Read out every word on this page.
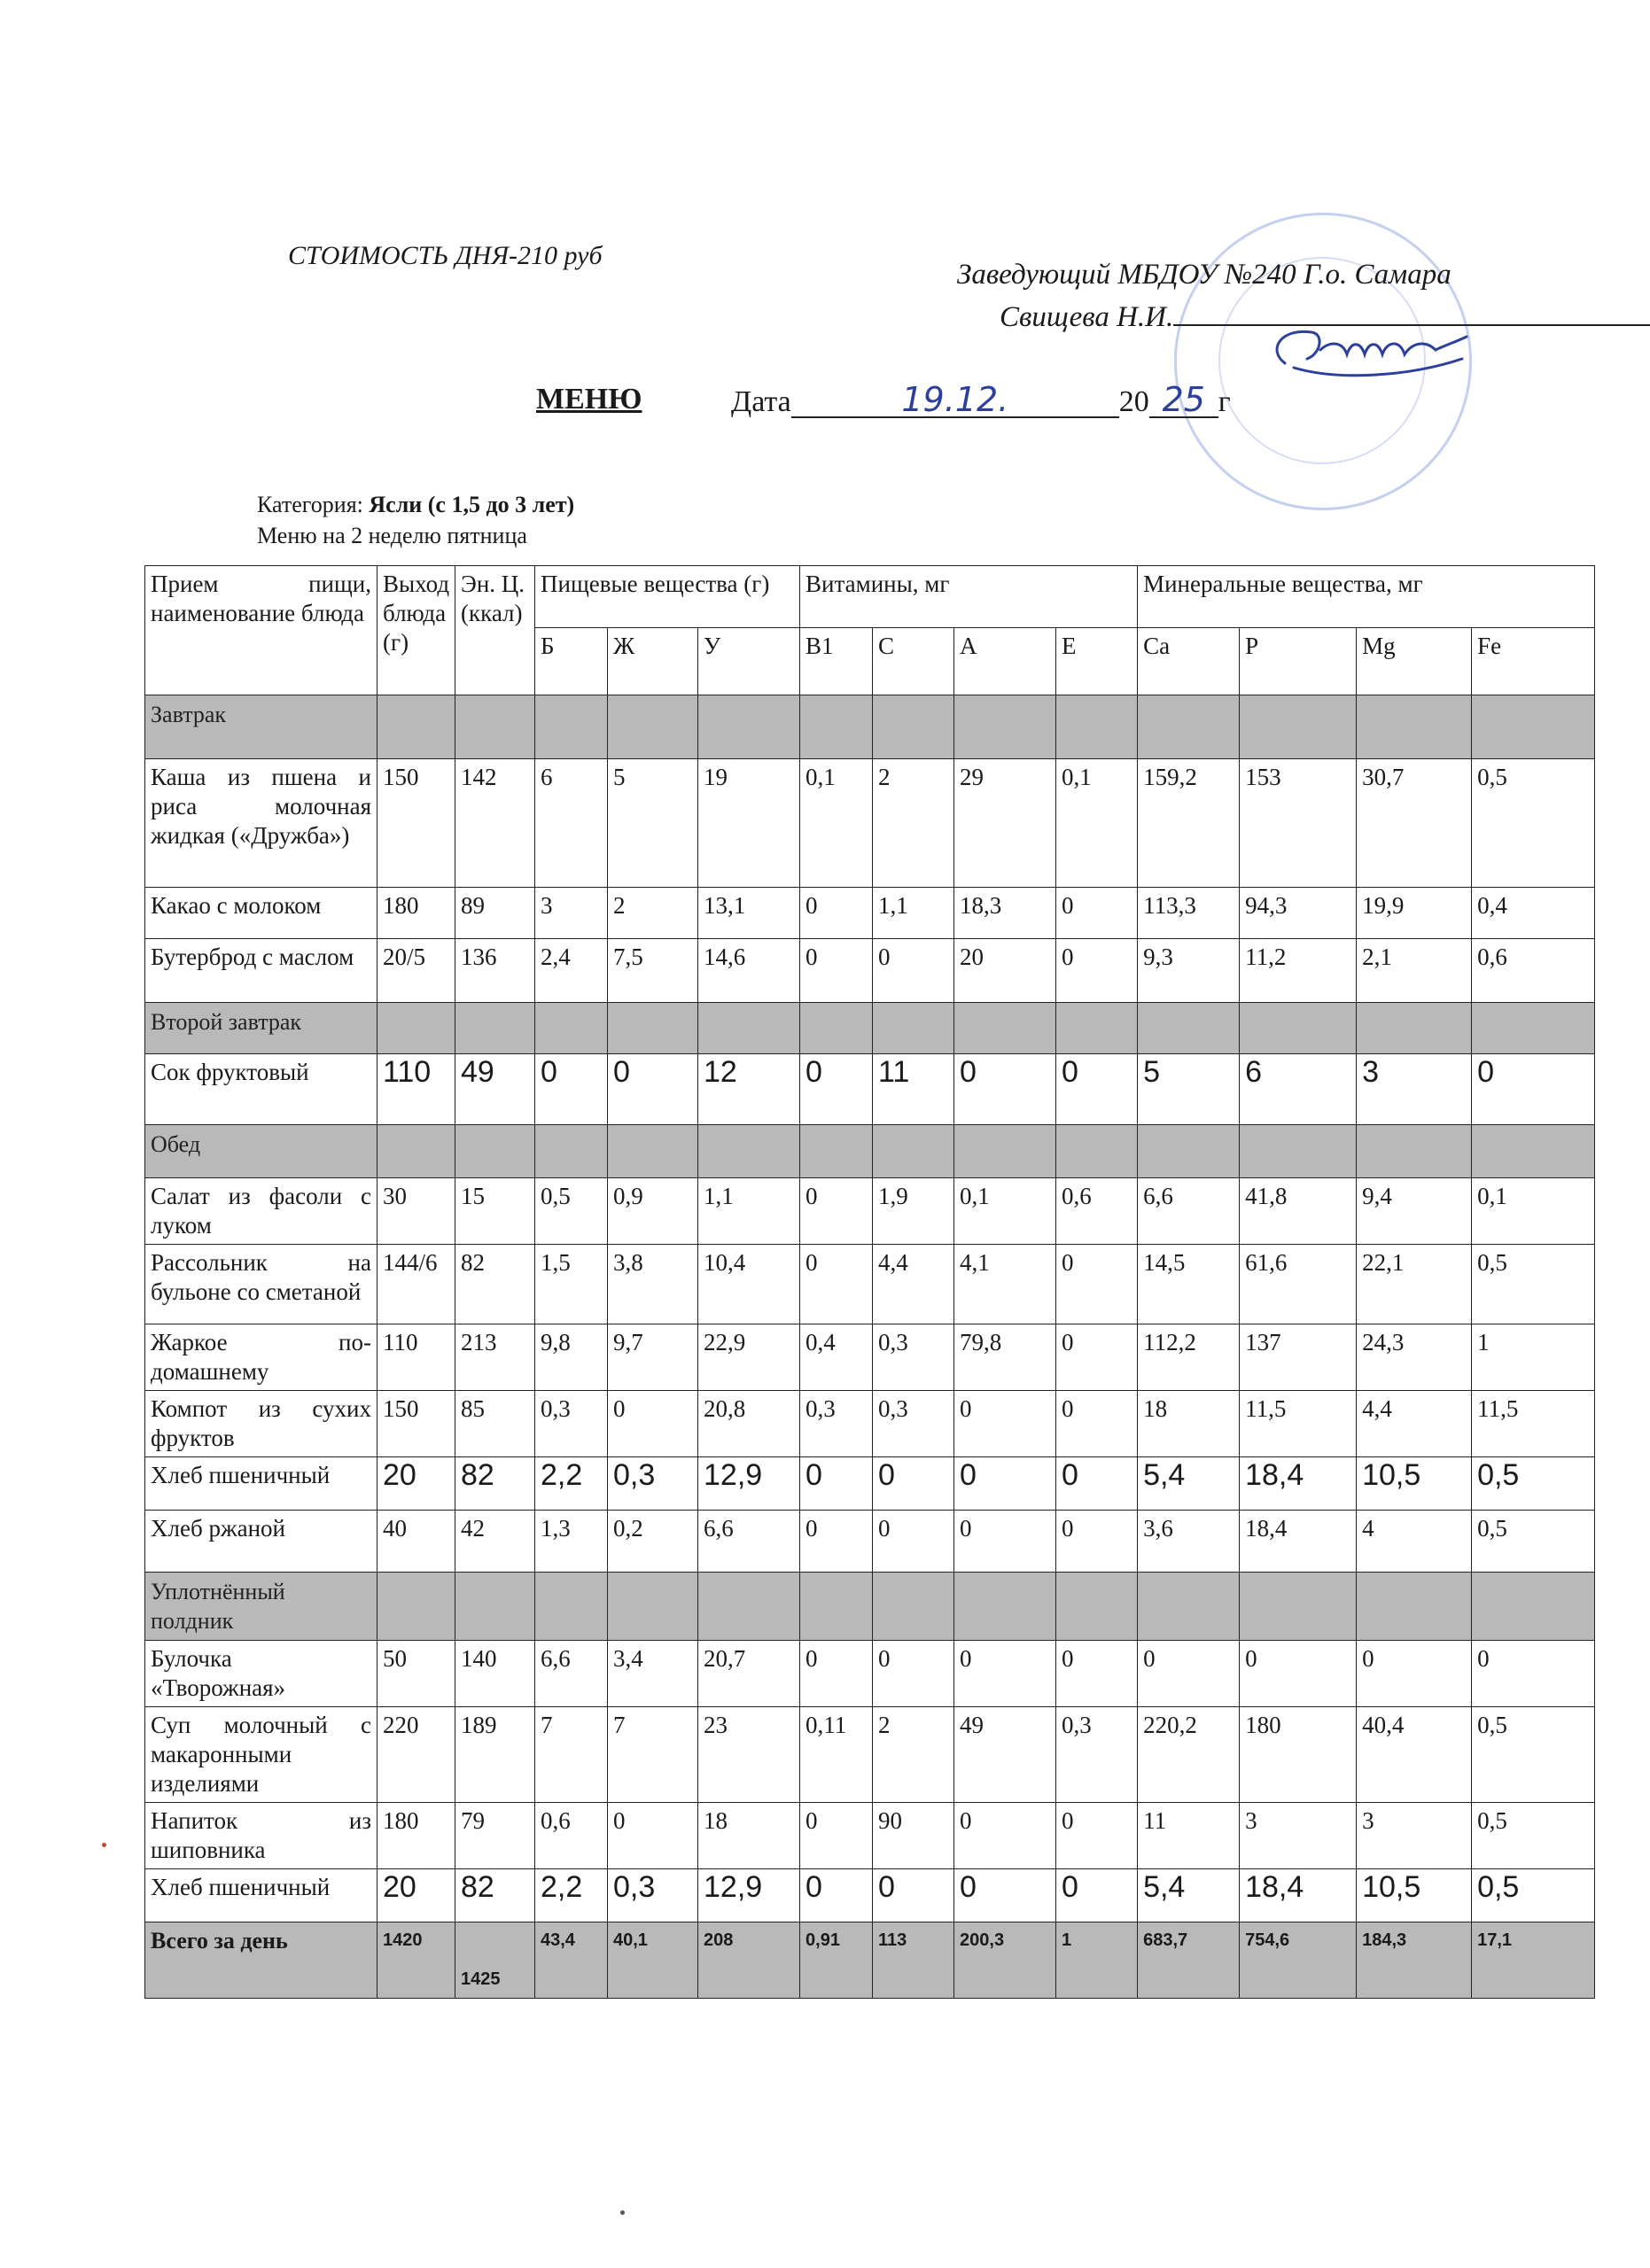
СТОИМОСТЬ ДНЯ-210 руб
Заведующий МБДОУ №240 Г.о. Самара
Свищева Н.И.
МЕНЮ	Дата	19.12.	20 25 г
Категория: Ясли (с 1,5 до 3 лет)
Меню на 2 неделю пятница
Прием пищи, наименование блюда	Выход блюда (г)	Эн. Ц. (ккал)	Пищевые вещества (г)			Витамины, мг				Минеральные вещества, мг			
			Б	Ж	У	B1	С	А	Е	Ca	P	Mg	Fe
Завтрак													
Каша из пшена и риса молочная жидкая («Дружба»)	150	142	6	5	19	0,1	2	29	0,1	159,2	153	30,7	0,5
Какао с молоком	180	89	3	2	13,1	0	1,1	18,3	0	113,3	94,3	19,9	0,4
Бутерброд с маслом	20/5	136	2,4	7,5	14,6	0	0	20	0	9,3	11,2	2,1	0,6
Второй завтрак													
Сок фруктовый	110	49	0	0	12	0	11	0	0	5	6	3	0
Обед													
Салат из фасоли с луком	30	15	0,5	0,9	1,1	0	1,9	0,1	0,6	6,6	41,8	9,4	0,1
Рассольник на бульоне со сметаной	144/6	82	1,5	3,8	10,4	0	4,4	4,1	0	14,5	61,6	22,1	0,5
Жаркое по-домашнему	110	213	9,8	9,7	22,9	0,4	0,3	79,8	0	112,2	137	24,3	1
Компот из сухих фруктов	150	85	0,3	0	20,8	0,3	0,3	0	0	18	11,5	4,4	11,5
Хлеб пшеничный	20	82	2,2	0,3	12,9	0	0	0	0	5,4	18,4	10,5	0,5
Хлеб ржаной	40	42	1,3	0,2	6,6	0	0	0	0	3,6	18,4	4	0,5
Уплотнённый полдник													
Булочка «Творожная»	50	140	6,6	3,4	20,7	0	0	0	0	0	0	0	0
Суп молочный с макаронными изделиями	220	189	7	7	23	0,11	2	49	0,3	220,2	180	40,4	0,5
Напиток из шиповника	180	79	0,6	0	18	0	90	0	0	11	3	3	0,5
Хлеб пшеничный	20	82	2,2	0,3	12,9	0	0	0	0	5,4	18,4	10,5	0,5
Всего за день	1420	1425	43,4	40,1	208	0,91	113	200,3	1	683,7	754,6	184,3	17,1
